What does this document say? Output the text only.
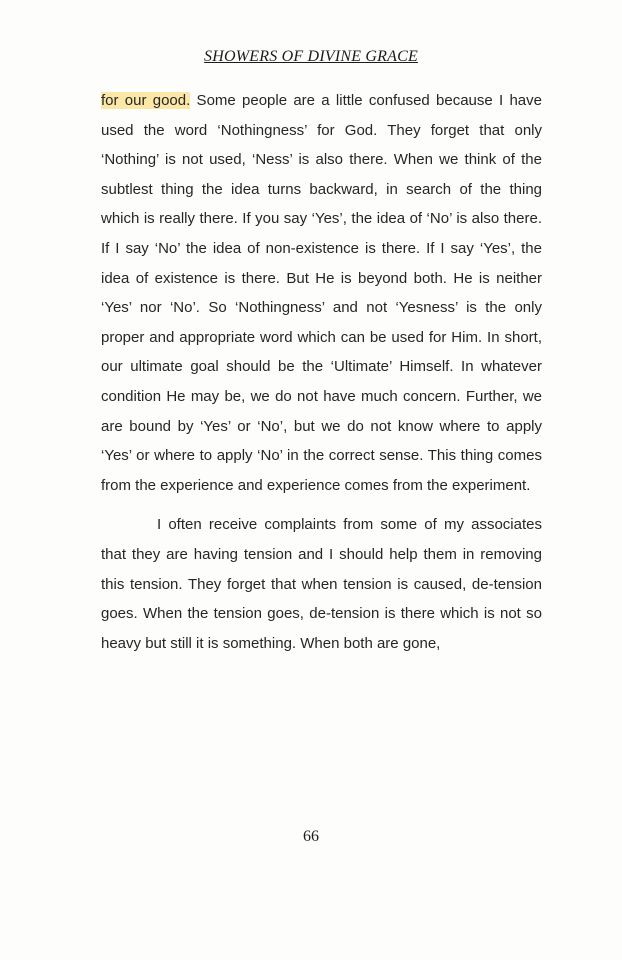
SHOWERS OF DIVINE GRACE

for our good. Some people are a little confused because I have used the word ‘Nothingness’ for God. They forget that only ‘Nothing’ is not used, ‘Ness’ is also there. When we think of the subtlest thing the idea turns backward, in search of the thing which is really there. If you say ‘Yes’, the idea of ‘No’ is also there. If I say ‘No’ the idea of non-existence is there. If I say ‘Yes’, the idea of existence is there. But He is beyond both. He is neither ‘Yes’ nor ‘No’. So ‘Nothingness’ and not ‘Yesness’ is the only proper and appropriate word which can be used for Him. In short, our ultimate goal should be the ‘Ultimate’ Himself. In whatever condition He may be, we do not have much concern. Further, we are bound by ‘Yes’ or ‘No’, but we do not know where to apply ‘Yes’ or where to apply ‘No’ in the correct sense. This thing comes from the experience and experience comes from the experiment.

I often receive complaints from some of my associates that they are having tension and I should help them in removing this tension. They forget that when tension is caused, de-tension goes. When the tension goes, de-tension is there which is not so heavy but still it is something. When both are gone,

66
